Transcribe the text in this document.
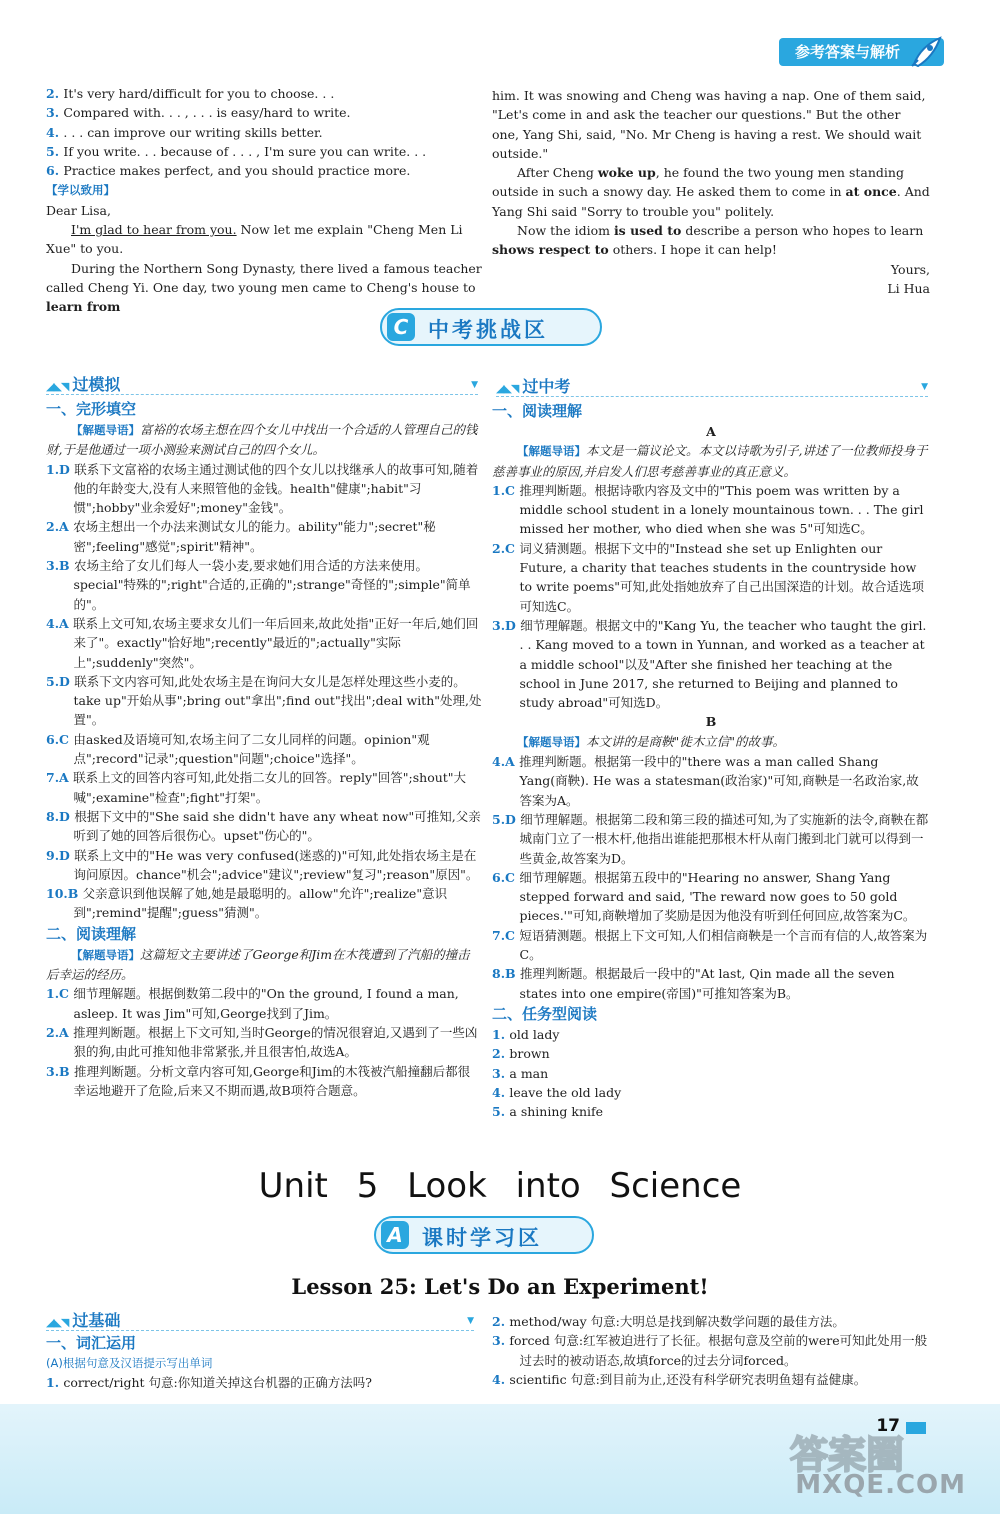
参考答案与解析

2. It's very hard/difficult for you to choose. . .

3. Compared with. . . , . . . is easy/hard to write.

4. . . . can improve our writing skills better.

5. If you write. . . because of . . . , I'm sure you can write. . .

6. Practice makes perfect, and you should practice more.

【学以致用】

Dear Lisa,

I'm glad to hear from you. Now let me explain "Cheng Men Li Xue" to you.

During the Northern Song Dynasty, there lived a famous teacher called Cheng Yi. One day, two young men came to Cheng's house to learn from

him. It was snowing and Cheng was having a nap. One of them said, "Let's come in and ask the teacher our questions." But the other one, Yang Shi, said, "No. Mr Cheng is having a rest. We should wait outside."

After Cheng woke up, he found the two young men standing outside in such a snowy day. He asked them to come in at once. And Yang Shi said "Sorry to trouble you" politely.

Now the idiom is used to describe a person who hopes to learn shows respect to others. I hope it can help!

Yours,

Li Hua

C 中考挑战区
◢◣◥ 过模拟	▼
一、完形填空

【解题导语】富裕的农场主想在四个女儿中找出一个合适的人管理自己的钱财,于是他通过一项小测验来测试自己的四个女儿。

1.D 联系下文富裕的农场主通过测试他的四个女儿以找继承人的故事可知,随着他的年龄变大,没有人来照管他的金钱。health"健康";habit"习惯";hobby"业余爱好";money"金钱"。

2.A 农场主想出一个办法来测试女儿的能力。ability"能力";secret"秘密";feeling"感觉";spirit"精神"。

3.B 农场主给了女儿们每人一袋小麦,要求她们用合适的方法来使用。special"特殊的";right"合适的,正确的";strange"奇怪的";simple"简单的"。

4.A 联系上文可知,农场主要求女儿们一年后回来,故此处指"正好一年后,她们回来了"。exactly"恰好地";recently"最近的";actually"实际上";suddenly"突然"。

5.D 联系下文内容可知,此处农场主是在询问大女儿是怎样处理这些小麦的。take up"开始从事";bring out"拿出";find out"找出";deal with"处理,处置"。

6.C 由asked及语境可知,农场主问了二女儿同样的问题。opinion"观点";record"记录";question"问题";choice"选择"。

7.A 联系上文的回答内容可知,此处指二女儿的回答。reply"回答";shout"大喊";examine"检查";fight"打架"。

8.D 根据下文中的"She said she didn't have any wheat now"可推知,父亲听到了她的回答后很伤心。upset"伤心的"。

9.D 联系上文中的"He was very confused(迷惑的)"可知,此处指农场主是在询问原因。chance"机会";advice"建议";review"复习";reason"原因"。

10.B 父亲意识到他误解了她,她是最聪明的。allow"允许";realize"意识到";remind"提醒";guess"猜测"。

二、阅读理解

【解题导语】这篇短文主要讲述了George和Jim在木筏遭到了汽船的撞击后幸运的经历。

1.C 细节理解题。根据倒数第二段中的"On the ground, I found a man, asleep. It was Jim"可知,George找到了Jim。

2.A 推理判断题。根据上下文可知,当时George的情况很窘迫,又遇到了一些凶狠的狗,由此可推知他非常紧张,并且很害怕,故选A。

3.B 推理判断题。分析文章内容可知,George和Jim的木筏被汽船撞翻后都很幸运地避开了危险,后来又不期而遇,故B项符合题意。

◢◣◥ 过中考	▼
一、阅读理解

A

【解题导语】本文是一篇议论文。本文以诗歌为引子,讲述了一位教师投身于慈善事业的原因,并启发人们思考慈善事业的真正意义。

1.C 推理判断题。根据诗歌内容及文中的"This poem was written by a middle school student in a lonely mountainous town. . . The girl missed her mother, who died when she was 5"可知选C。

2.C 词义猜测题。根据下文中的"Instead she set up Enlighten our Future, a charity that teaches students in the countryside how to write poems"可知,此处指她放弃了自己出国深造的计划。故合适选项可知选C。

3.D 细节理解题。根据文中的"Kang Yu, the teacher who taught the girl. . . Kang moved to a town in Yunnan, and worked as a teacher at a middle school"以及"After she finished her teaching at the school in June 2017, she returned to Beijing and planned to study abroad"可知选D。

B

【解题导语】本文讲的是商鞅"徙木立信"的故事。

4.A 推理判断题。根据第一段中的"there was a man called Shang Yang(商鞅). He was a statesman(政治家)"可知,商鞅是一名政治家,故答案为A。

5.D 细节理解题。根据第二段和第三段的描述可知,为了实施新的法令,商鞅在都城南门立了一根木杆,他指出谁能把那根木杆从南门搬到北门就可以得到一些黄金,故答案为D。

6.C 细节理解题。根据第五段中的"Hearing no answer, Shang Yang stepped forward and said, 'The reward now goes to 50 gold pieces.'"可知,商鞅增加了奖励是因为他没有听到任何回应,故答案为C。

7.C 短语猜测题。根据上下文可知,人们相信商鞅是一个言而有信的人,故答案为C。

8.B 推理判断题。根据最后一段中的"At last, Qin made all the seven states into one empire(帝国)"可推知答案为B。

二、任务型阅读

1. old lady

2. brown

3. a man

4. leave the old lady

5. a shining knife

Unit 5 Look into Science
A 课时学习区
Lesson 25: Let's Do an Experiment!
◢◣◥ 过基础	▼
一、词汇运用

(A)根据句意及汉语提示写出单词

1. correct/right 句意:你知道关掉这台机器的正确方法吗?

2. method/way 句意:大明总是找到解决数学问题的最佳方法。

3. forced 句意:红军被迫进行了长征。根据句意及空前的were可知此处用一般过去时的被动语态,故填force的过去分词forced。

4. scientific 句意:到目前为止,还没有科学研究表明鱼翅有益健康。

17
答案圈
MXQE.COM
